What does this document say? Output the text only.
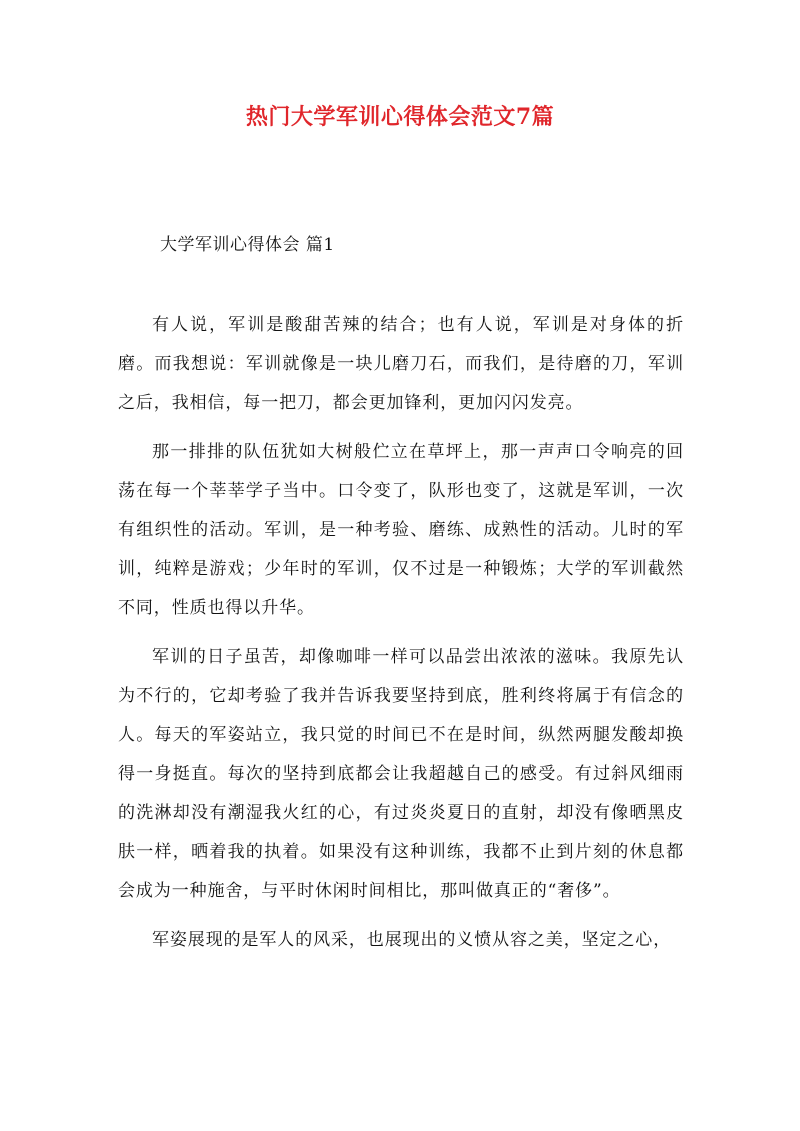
热门大学军训心得体会范文7篇
大学军训心得体会 篇1

有人说，军训是酸甜苦辣的结合；也有人说，军训是对身体的折磨。而我想说：军训就像是一块儿磨刀石，而我们，是待磨的刀，军训之后，我相信，每一把刀，都会更加锋利，更加闪闪发亮。

那一排排的队伍犹如大树般伫立在草坪上，那一声声口令响亮的回荡在每一个莘莘学子当中。口令变了，队形也变了，这就是军训，一次有组织性的活动。军训，是一种考验、磨练、成熟性的活动。儿时的军训，纯粹是游戏；少年时的军训，仅不过是一种锻炼；大学的军训截然不同，性质也得以升华。

军训的日子虽苦，却像咖啡一样可以品尝出浓浓的滋味。我原先认为不行的，它却考验了我并告诉我要坚持到底，胜利终将属于有信念的人。每天的军姿站立，我只觉的时间已不在是时间，纵然两腿发酸却换得一身挺直。每次的坚持到底都会让我超越自己的感受。有过斜风细雨的洗淋却没有潮湿我火红的心，有过炎炎夏日的直射，却没有像晒黑皮肤一样，晒着我的执着。如果没有这种训练，我都不止到片刻的休息都会成为一种施舍，与平时休闲时间相比，那叫做真正的“奢侈”。

军姿展现的是军人的风采，也展现出的义愤从容之美，坚定之心，
